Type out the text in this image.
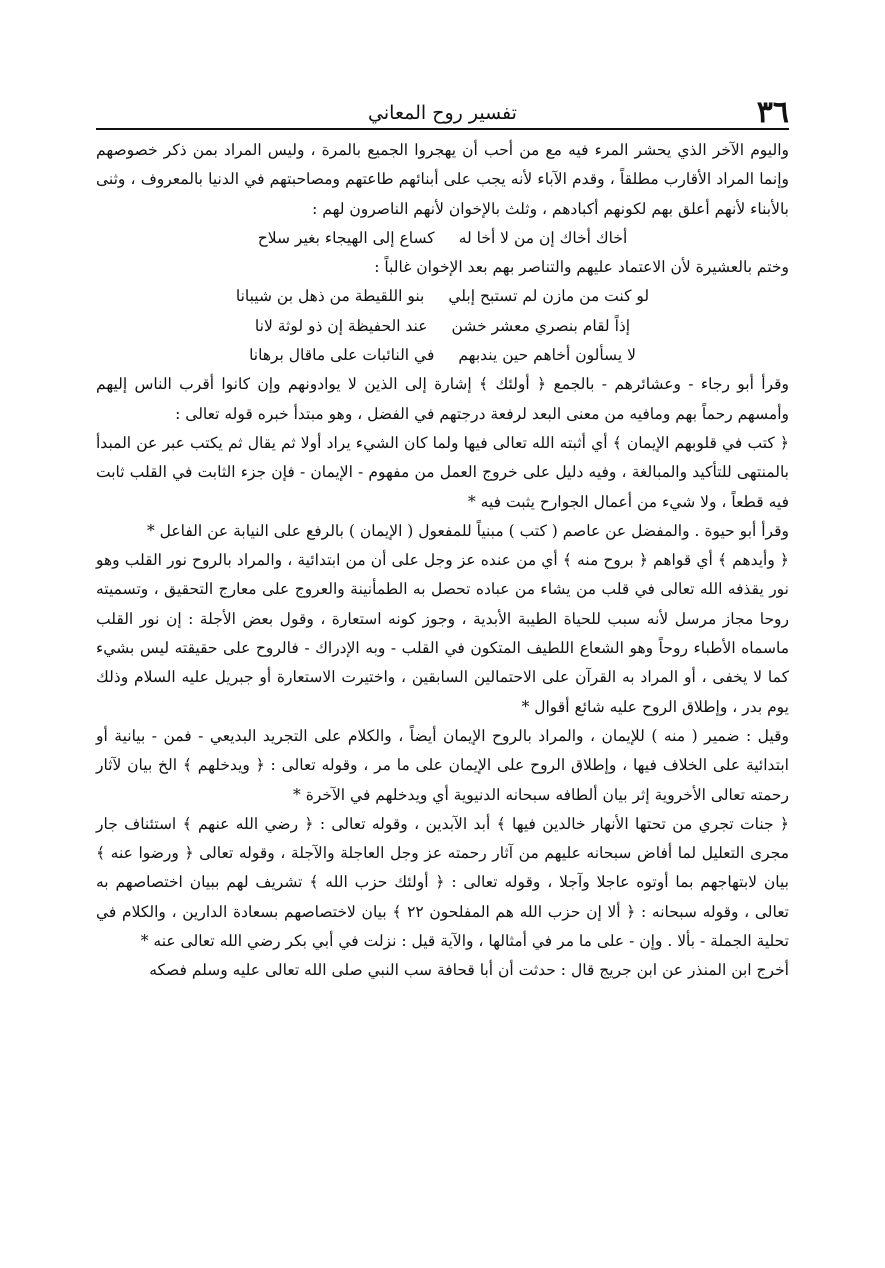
٣٦
تفسير روح المعاني

واليوم الآخر الذي يحشر المرء فيه مع من أحب أن يهجروا الجميع بالمرة ، وليس المراد بمن ذكر خصوصهم وإنما المراد الأقارب مطلقاً ، وقدم الآباء لأنه يجب على أبنائهم طاعتهم ومصاحبتهم في الدنيا بالمعروف ، وثنى بالأبناء لأنهم أعلق بهم لكونهم أكبادهم ، وثلث بالإخوان لأنهم الناصرون لهم :

أخاك أخاك إن من لا أخا له
كساع إلى الهيجاء بغير سلاح

وختم بالعشيرة لأن الاعتماد عليهم والتناصر بهم بعد الإخوان غالباً :

لو كنت من مازن لم تستبح إبلي
بنو اللقيطة من ذهل بن شيبانا
إذاً لقام بنصري معشر خشن
عند الحفيظة إن ذو لوثة لانا
لا يسألون أخاهم حين يندبهم
في النائبات على ماقال برهانا

وقرأ أبو رجاء - وعشائرهم - بالجمع ﴿ أولئك ﴾ إشارة إلى الذين لا يوادونهم وإن كانوا أقرب الناس إليهم وأمسهم رحماً بهم ومافيه من معنى البعد لرفعة درجتهم في الفضل ، وهو مبتدأ خبره قوله تعالى :

﴿ كتب في قلوبهم الإيمان ﴾ أي أثبته الله تعالى فيها ولما كان الشيء يراد أولا ثم يقال ثم يكتب عبر عن المبدأ بالمنتهى للتأكيد والمبالغة ، وفيه دليل على خروج العمل من مفهوم - الإيمان - فإن جزء الثابت في القلب ثابت فيه قطعاً ، ولا شيء من أعمال الجوارح يثبت فيه *

وقرأ أبو حيوة . والمفضل عن عاصم ( كتب ) مبنياً للمفعول ( الإيمان ) بالرفع على النيابة عن الفاعل *

﴿ وأيدهم ﴾ أي قواهم ﴿ بروح منه ﴾ أي من عنده عز وجل على أن من ابتدائية ، والمراد بالروح نور القلب وهو نور يقذفه الله تعالى في قلب من يشاء من عباده تحصل به الطمأنينة والعروج على معارج التحقيق ، وتسميته روحا مجاز مرسل لأنه سبب للحياة الطيبة الأبدية ، وجوز كونه استعارة ، وقول بعض الأجلة : إن نور القلب ماسماه الأطباء روحاً وهو الشعاع اللطيف المتكون في القلب - وبه الإدراك - فالروح على حقيقته ليس بشيء كما لا يخفى ، أو المراد به القرآن على الاحتمالين السابقين ، واختيرت الاستعارة أو جبريل عليه السلام وذلك يوم بدر ، وإطلاق الروح عليه شائع أقوال *

وقيل : ضمير ( منه ) للإيمان ، والمراد بالروح الإيمان أيضاً ، والكلام على التجريد البديعي - فمن - بيانية أو ابتدائية على الخلاف فيها ، وإطلاق الروح على الإيمان على ما مر ، وقوله تعالى : ﴿ ويدخلهم ﴾ الخ بيان لآثار رحمته تعالى الأخروية إثر بيان ألطافه سبحانه الدنيوية أي ويدخلهم في الآخرة *

﴿ جنات تجري من تحتها الأنهار خالدين فيها ﴾ أبد الآبدين ، وقوله تعالى : ﴿ رضي الله عنهم ﴾ استئناف جار مجرى التعليل لما أفاض سبحانه عليهم من آثار رحمته عز وجل العاجلة والآجلة ، وقوله تعالى ﴿ ورضوا عنه ﴾ بيان لابتهاجهم بما أوتوه عاجلا وآجلا ، وقوله تعالى : ﴿ أولئك حزب الله ﴾ تشريف لهم ببيان اختصاصهم به تعالى ، وقوله سبحانه : ﴿ ألا إن حزب الله هم المفلحون ٢٢ ﴾ بيان لاختصاصهم بسعادة الدارين ، والكلام في تحلية الجملة - بألا . وإن - على ما مر في أمثالها ، والآية قيل : نزلت في أبي بكر رضي الله تعالى عنه *

أخرج ابن المنذر عن ابن جريج قال : حدثت أن أبا قحافة سب النبي صلى الله تعالى عليه وسلم فصكه
